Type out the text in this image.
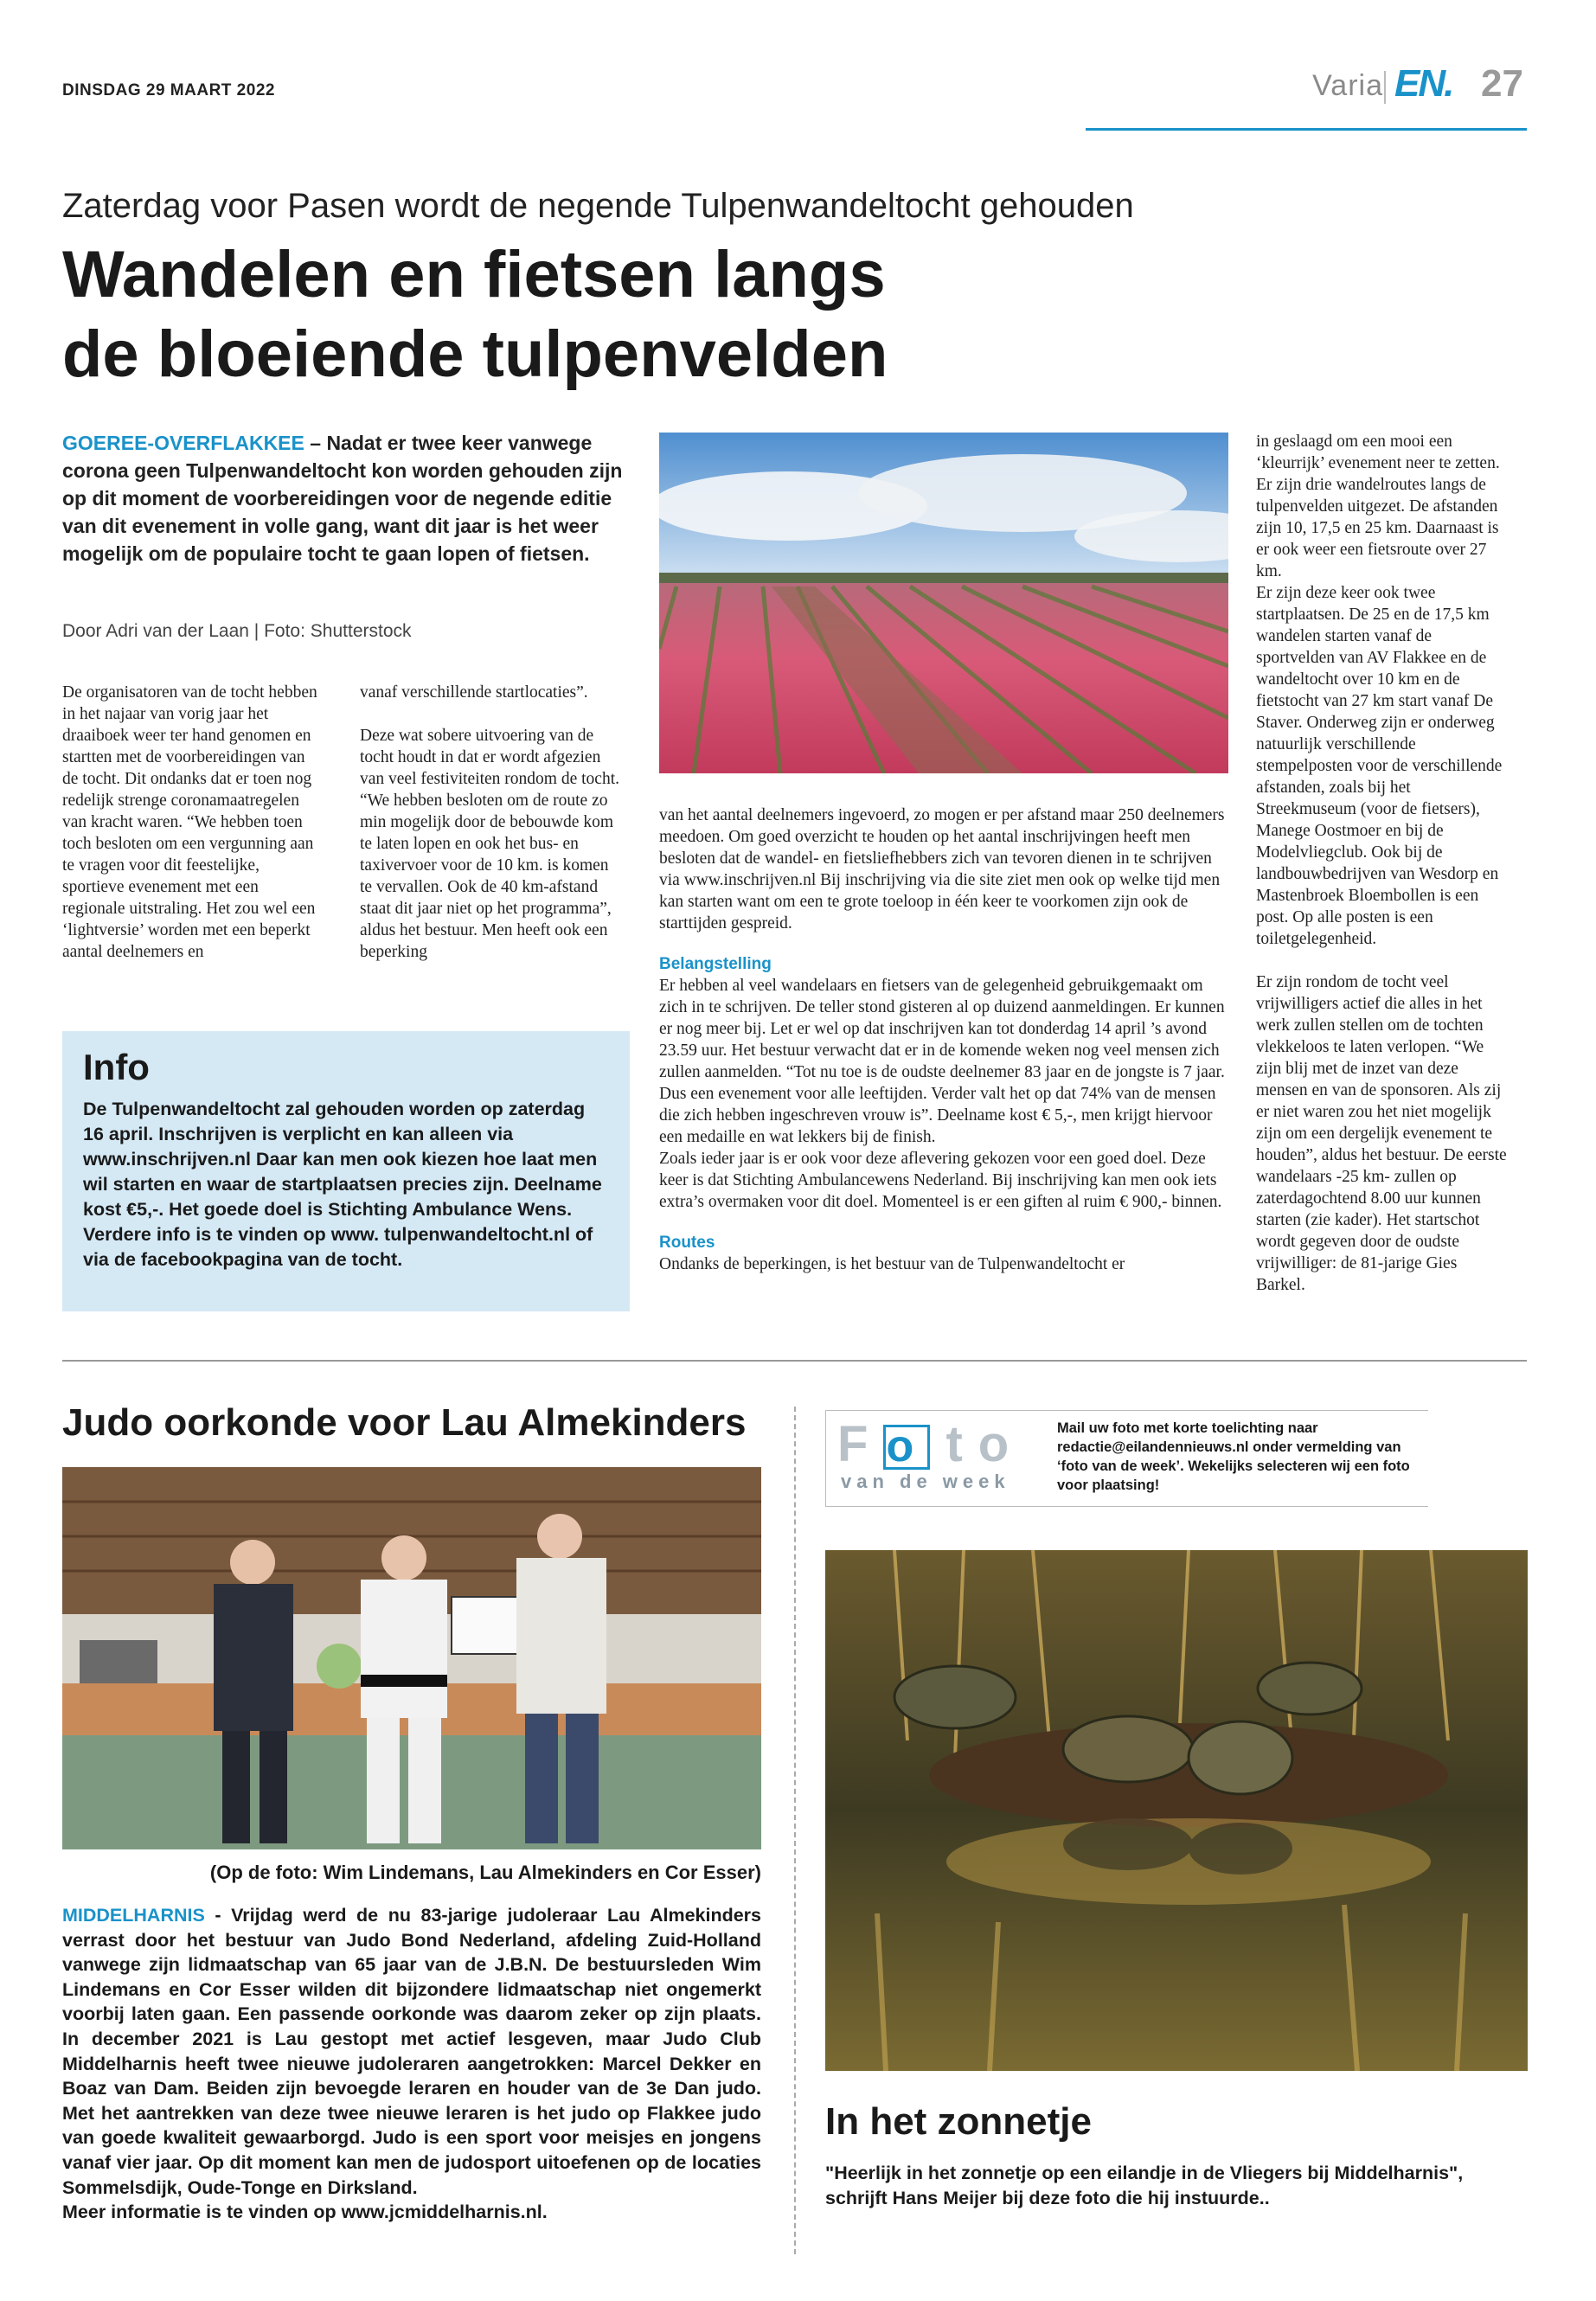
DINSDAG 29 MAART 2022	Varia EN. 27
Zaterdag voor Pasen wordt de negende Tulpenwandeltocht gehouden
Wandelen en fietsen langs
de bloeiende tulpenvelden
GOEREE-OVERFLAKKEE – Nadat er twee keer vanwege corona geen Tulpenwandeltocht kon worden gehouden zijn op dit moment de voorbereidingen voor de negende editie van dit evenement in volle gang, want dit jaar is het weer mogelijk om de populaire tocht te gaan lopen of fietsen.
Door Adri van der Laan | Foto: Shutterstock

De organisatoren van de tocht hebben in het najaar van vorig jaar het draaiboek weer ter hand genomen en startten met de voorbereidingen van de tocht. Dit ondanks dat er toen nog redelijk strenge coronamaatregelen van kracht waren. “We hebben toen toch besloten om een vergunning aan te vragen voor dit feestelijke, sportieve evenement met een regionale uitstraling. Het zou wel een ‘lightversie’ worden met een beperkt aantal deelnemers en

vanaf verschillende startlocaties”.

Deze wat sobere uitvoering van de tocht houdt in dat er wordt afgezien van veel festiviteiten rondom de tocht. “We hebben besloten om de route zo min mogelijk door de bebouwde kom te laten lopen en ook het bus- en taxivervoer voor de 10 km. is komen te vervallen. Ook de 40 km-afstand staat dit jaar niet op het programma”, aldus het bestuur. Men heeft ook een beperking

van het aantal deelnemers ingevoerd, zo mogen er per afstand maar 250 deelnemers meedoen. Om goed overzicht te houden op het aantal inschrijvingen heeft men besloten dat de wandel- en fietsliefhebbers zich van tevoren dienen in te schrijven via www.inschrijven.nl Bij inschrijving via die site ziet men ook op welke tijd men kan starten want om een te grote toeloop in één keer te voorkomen zijn ook de starttijden gespreid.
Belangstelling
Er hebben al veel wandelaars en fietsers van de gelegenheid gebruikgemaakt om zich in te schrijven. De teller stond gisteren al op duizend aanmeldingen. Er kunnen er nog meer bij. Let er wel op dat inschrijven kan tot donderdag 14 april ’s avond 23.59 uur. Het bestuur verwacht dat er in de komende weken nog veel mensen zich zullen aanmelden. “Tot nu toe is de oudste deelnemer 83 jaar en de jongste is 7 jaar. Dus een evenement voor alle leeftijden. Verder valt het op dat 74% van de mensen die zich hebben ingeschreven vrouw is”. Deelname kost € 5,-, men krijgt hiervoor een medaille en wat lekkers bij de finish.
Zoals ieder jaar is er ook voor deze aflevering gekozen voor een goed doel. Deze keer is dat Stichting Ambulancewens Nederland. Bij inschrijving kan men ook iets extra’s overmaken voor dit doel. Momenteel is er een giften al ruim € 900,- binnen.
Routes
Ondanks de beperkingen, is het bestuur van de Tulpenwandeltocht er
in geslaagd om een mooi een ‘kleurrijk’ evenement neer te zetten. Er zijn drie wandelroutes langs de tulpenvelden uitgezet. De afstanden zijn 10, 17,5 en 25 km. Daarnaast is er ook weer een fietsroute over 27 km.
Er zijn deze keer ook twee startplaatsen. De 25 en de 17,5 km wandelen starten vanaf de sportvelden van AV Flakkee en de wandeltocht over 10 km en de fietstocht van 27 km start vanaf De Staver. Onderweg zijn er onderweg natuurlijk verschillende stempelposten voor de verschillende afstanden, zoals bij het Streekmuseum (voor de fietsers), Manege Oostmoer en bij de Modelvliegclub. Ook bij de landbouwbedrijven van Wesdorp en Mastenbroek Bloembollen is een post. Op alle posten is een toiletgelegenheid.
Er zijn rondom de tocht veel vrijwilligers actief die alles in het werk zullen stellen om de tochten vlekkeloos te laten verlopen. “We zijn blij met de inzet van deze mensen en van de sponsoren. Als zij er niet waren zou het niet mogelijk zijn om een dergelijk evenement te houden”, aldus het bestuur. De eerste wandelaars -25 km- zullen op zaterdagochtend 8.00 uur kunnen starten (zie kader). Het startschot wordt gegeven door de oudste vrijwilliger: de 81-jarige Gies Barkel.
Info
De Tulpenwandeltocht zal gehouden worden op zaterdag 16 april. Inschrijven is verplicht en kan alleen via www.inschrijven.nl Daar kan men ook kiezen hoe laat men wil starten en waar de startplaatsen precies zijn. Deelname kost €5,-. Het goede doel is Stichting Ambulance Wens. Verdere info is te vinden op www. tulpenwandeltocht.nl of via de facebookpagina van de tocht.
Judo oorkonde voor Lau Almekinders
(Op de foto: Wim Lindemans, Lau Almekinders en Cor Esser)
MIDDELHARNIS - Vrijdag werd de nu 83-jarige judoleraar Lau Almekinders verrast door het bestuur van Judo Bond Nederland, afdeling Zuid-Holland vanwege zijn lidmaatschap van 65 jaar van de J.B.N. De bestuursleden Wim Lindemans en Cor Esser wilden dit bijzondere lidmaatschap niet ongemerkt voorbij laten gaan. Een passende oorkonde was daarom zeker op zijn plaats. In december 2021 is Lau gestopt met actief lesgeven, maar Judo Club Middelharnis heeft twee nieuwe judoleraren aangetrokken: Marcel Dekker en Boaz van Dam. Beiden zijn bevoegde leraren en houder van de 3e Dan judo. Met het aantrekken van deze twee nieuwe leraren is het judo op Flakkee judo van goede kwaliteit gewaarborgd. Judo is een sport voor meisjes en jongens vanaf vier jaar. Op dit moment kan men de judosport uitoefenen op de locaties Sommelsdijk, Oude-Tonge en Dirksland.
Meer informatie is te vinden op www.jcmiddelharnis.nl.
Fo to
van de week
Mail uw foto met korte toelichting naar redactie@eilandennieuws.nl onder vermelding van ‘foto van de week’. Wekelijks selecteren wij een foto voor plaatsing!
In het zonnetje
"Heerlijk in het zonnetje op een eilandje in de Vliegers bij Middelharnis", schrijft Hans Meijer bij deze foto die hij instuurde..
